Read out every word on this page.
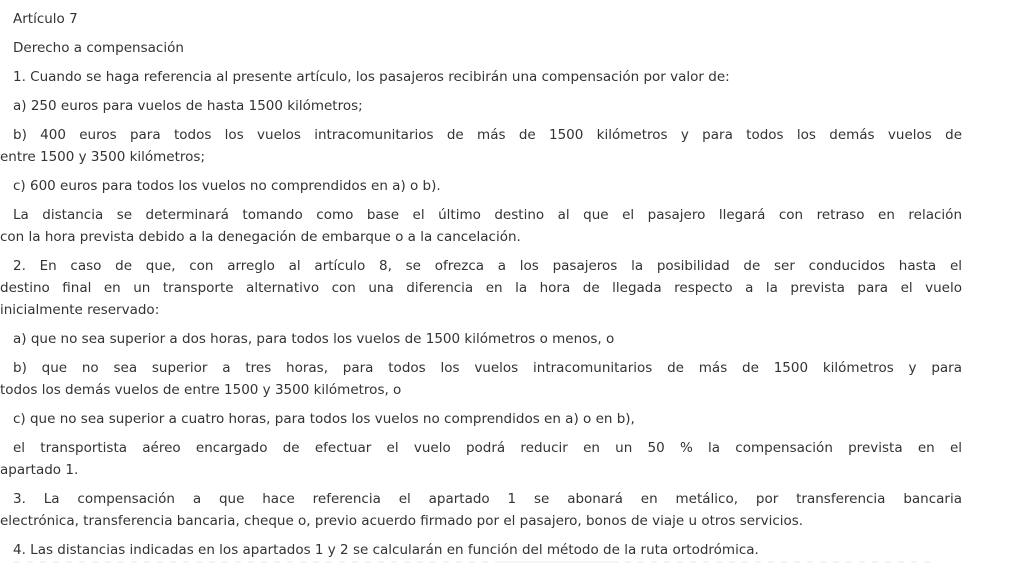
Artículo 7

Derecho a compensación

1. Cuando se haga referencia al presente artículo, los pasajeros recibirán una compensación por valor de:

a) 250 euros para vuelos de hasta 1500 kilómetros;

b) 400 euros para todos los vuelos intracomunitarios de más de 1500 kilómetros y para todos los demás vuelos de
entre 1500 y 3500 kilómetros;

c) 600 euros para todos los vuelos no comprendidos en a) o b).

La distancia se determinará tomando como base el último destino al que el pasajero llegará con retraso en relación
con la hora prevista debido a la denegación de embarque o a la cancelación.

2. En caso de que, con arreglo al artículo 8, se ofrezca a los pasajeros la posibilidad de ser conducidos hasta el
destino final en un transporte alternativo con una diferencia en la hora de llegada respecto a la prevista para el vuelo
inicialmente reservado:

a) que no sea superior a dos horas, para todos los vuelos de 1500 kilómetros o menos, o

b) que no sea superior a tres horas, para todos los vuelos intracomunitarios de más de 1500 kilómetros y para
todos los demás vuelos de entre 1500 y 3500 kilómetros, o

c) que no sea superior a cuatro horas, para todos los vuelos no comprendidos en a) o en b),

el transportista aéreo encargado de efectuar el vuelo podrá reducir en un 50 % la compensación prevista en el
apartado 1.

3. La compensación a que hace referencia el apartado 1 se abonará en metálico, por transferencia bancaria
electrónica, transferencia bancaria, cheque o, previo acuerdo firmado por el pasajero, bonos de viaje u otros servicios.

4. Las distancias indicadas en los apartados 1 y 2 se calcularán en función del método de la ruta ortodrómica.
